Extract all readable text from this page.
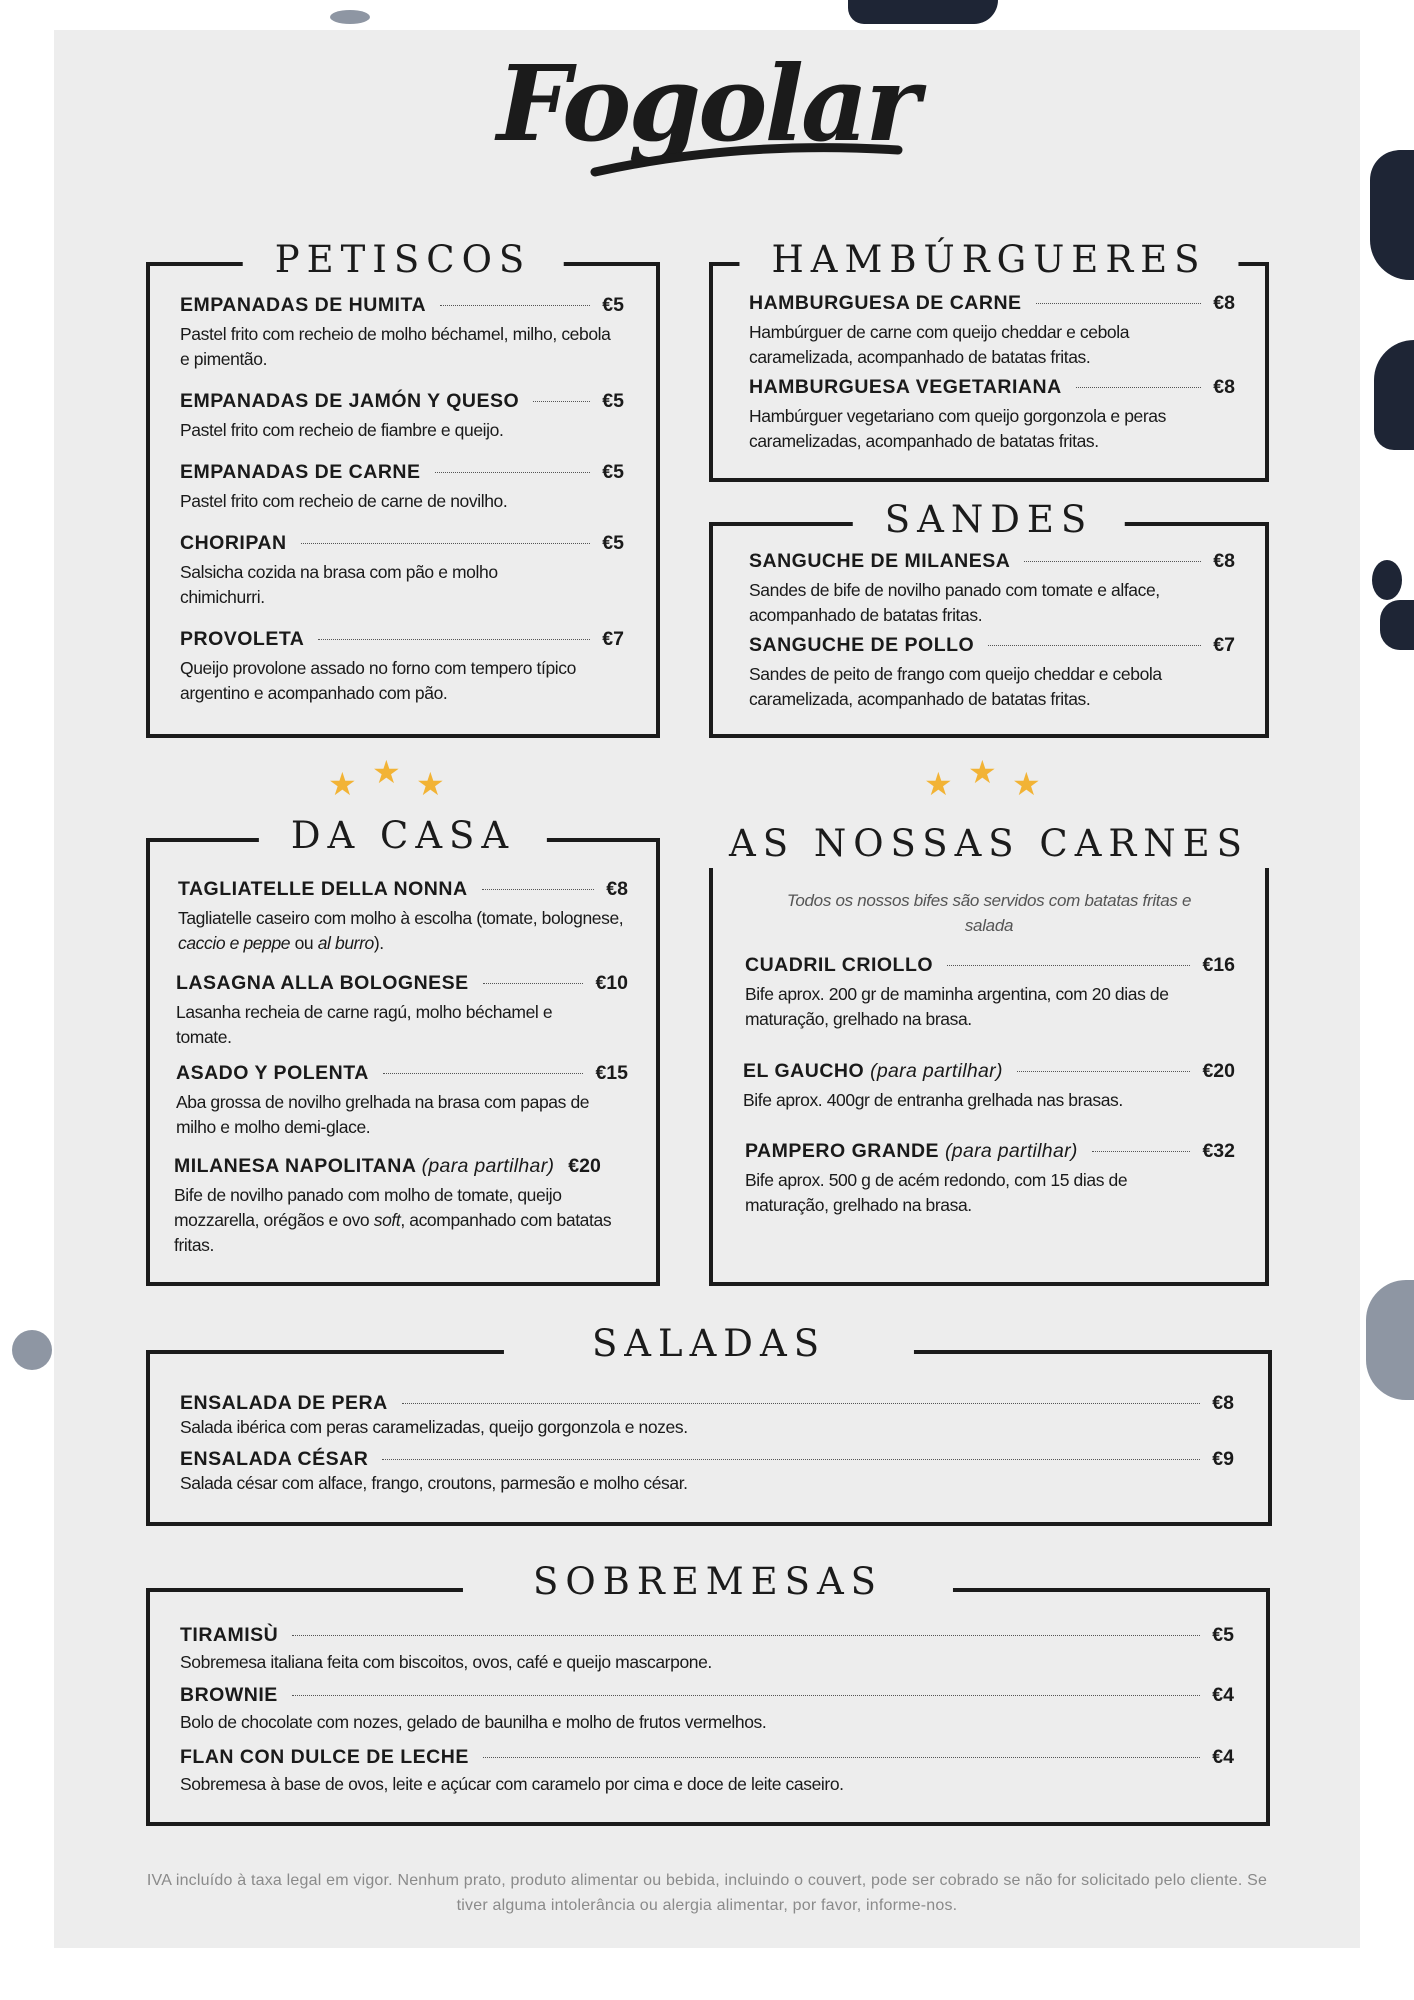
Fogolar
PETISCOS
EMPANADAS DE HUMITA	€5
Pastel frito com recheio de molho béchamel, milho, cebola e pimentão.
EMPANADAS DE JAMÓN Y QUESO	€5
Pastel frito com recheio de fiambre e queijo.
EMPANADAS DE CARNE	€5
Pastel frito com recheio de carne de novilho.
CHORIPAN	€5
Salsicha cozida na brasa com pão e molho chimichurri.
PROVOLETA	€7
Queijo provolone assado no forno com tempero típico argentino e acompanhado com pão.
HAMBÚRGUERES
HAMBURGUESA DE CARNE	€8
Hambúrguer de carne com queijo cheddar e cebola caramelizada, acompanhado de batatas fritas.
HAMBURGUESA VEGETARIANA	€8
Hambúrguer vegetariano com queijo gorgonzola e peras caramelizadas, acompanhado de batatas fritas.
SANDES
SANGUCHE DE MILANESA	€8
Sandes de bife de novilho panado com tomate e alface, acompanhado de batatas fritas.
SANGUCHE DE POLLO	€7
Sandes de peito de frango com queijo cheddar e cebola caramelizada, acompanhado de batatas fritas.
★ ★ ★	★ ★ ★
DA CASA
TAGLIATELLE DELLA NONNA	€8
Tagliatelle caseiro com molho à escolha (tomate, bolognese, caccio e peppe ou al burro).
LASAGNA ALLA BOLOGNESE	€10
Lasanha recheia de carne ragú, molho béchamel e tomate.
ASADO Y POLENTA	€15
Aba grossa de novilho grelhada na brasa com papas de milho e molho demi-glace.
MILANESA NAPOLITANA (para partilhar) €20
Bife de novilho panado com molho de tomate, queijo mozzarella, orégãos e ovo soft, acompanhado com batatas fritas.
AS NOSSAS CARNES
Todos os nossos bifes são servidos com batatas fritas e salada
CUADRIL CRIOLLO	€16
Bife aprox. 200 gr de maminha argentina, com 20 dias de maturação, grelhado na brasa.
EL GAUCHO (para partilhar)	€20
Bife aprox. 400gr de entranha grelhada nas brasas.
PAMPERO GRANDE (para partilhar)	€32
Bife aprox. 500 g de acém redondo, com 15 dias de maturação, grelhado na brasa.
SALADAS
ENSALADA DE PERA	€8
Salada ibérica com peras caramelizadas, queijo gorgonzola e nozes.
ENSALADA CÉSAR	€9
Salada césar com alface, frango, croutons, parmesão e molho césar.
SOBREMESAS
TIRAMISÙ	€5
Sobremesa italiana feita com biscoitos, ovos, café e queijo mascarpone.
BROWNIE	€4
Bolo de chocolate com nozes, gelado de baunilha e molho de frutos vermelhos.
FLAN CON DULCE DE LECHE	€4
Sobremesa à base de ovos, leite e açúcar com caramelo por cima e doce de leite caseiro.
IVA incluído à taxa legal em vigor. Nenhum prato, produto alimentar ou bebida, incluindo o couvert, pode ser cobrado se não for solicitado pelo cliente. Se tiver alguma intolerância ou alergia alimentar, por favor, informe-nos.
